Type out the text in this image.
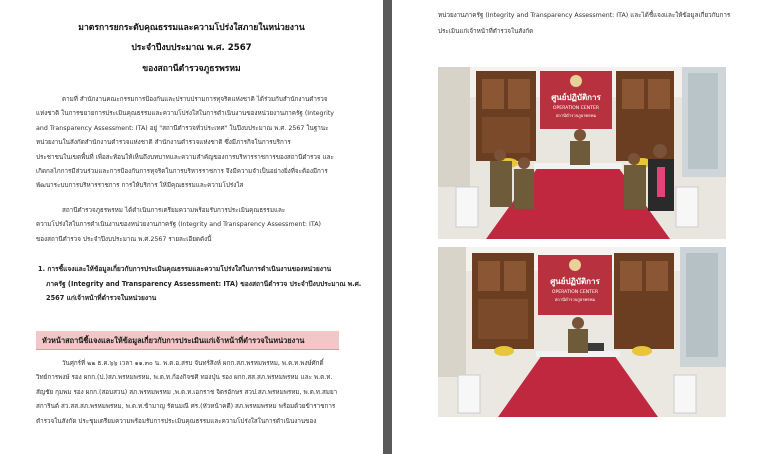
มาตรการยกระดับคุณธรรมและความโปร่งใสภายในหน่วยงาน
ประจำปีงบประมาณ พ.ศ. 2567
ของสถานีตำรวจภูธรพรหม
ตามที่ สำนักงานคณะกรรมการป้องกันและปราบปรามการทุจริตแห่งชาติ ได้ร่วมกับสำนักงานตำรวจ
แห่งชาติ ในการขยายการประเมินคุณธรรมและความโปร่งใสในการดำเนินงานของหน่วยงานภาครัฐ (Integrity
and Transparency Assessment: ITA) อยู่ "สถานีตำรวจทั่วประเทศ" ในปีงบประมาณ พ.ศ. 2567 ในฐานะ
หน่วยงานในสังกัดสำนักงานตำรวจแห่งชาติ สำนักงานตำรวจแห่งชาติ ซึ่งมีภารกิจในการบริการ
ประชาชนในเขตพื้นที่ เพื่อสะท้อนให้เห็นถึงบทบาทและความสำคัญของการบริหารราชการของสถานีตำรวจ และ
เกิดกลไกการมีส่วนร่วมและการป้องกันการทุจริตในการบริหารราชการ จึงมีความจำเป็นอย่างยิ่งที่จะต้องมีการ
พัฒนาระบบการบริหารราชการ การให้บริการ ให้มีคุณธรรมและความโปร่งใส
สถานีตำรวจภูธรพรหม ได้ดำเนินการเตรียมความพร้อมรับการประเมินคุณธรรมและ
ความโปร่งใสในการดำเนินงานของหน่วยงานภาครัฐ (Integrity and Transparency Assessment: ITA)
ของสถานีตำรวจ ประจำปีงบประมาณ พ.ศ.2567 รายละเอียดดังนี้
1. การชี้แจงและให้ข้อมูลเกี่ยวกับการประเมินคุณธรรมและความโปร่งใสในการดำเนินงานของหน่วยงาน
ภาครัฐ (Integrity and Transparency Assessment: ITA) ของสถานีตำรวจ ประจำปีงบประมาณ พ.ศ.
2567 แก่เจ้าหน้าที่ตำรวจในหน่วยงาน
หัวหน้าสถานีชี้แจงและให้ข้อมูลเกี่ยวกับการประเมินแก่เจ้าหน้าที่ตำรวจในหน่วยงาน
วันศุกร์ที่ ๒๒ ธ.ค.๖๖ เวลา ๑๑.๓๐ น. พ.ต.อ.สรบ จันทร์สิงห์ ผกก.สภ.พรหมพรหม, พ.ต.ท.พงษ์ศักดิ์
วิทย์การพงษ์ รอง ผกก.(ป.)สภ.พรหมพรหม, พ.ต.ท.ก้องกิจชศิ ทองปุ่น รอง ผกก.สส.สภ.พรหมพรหม และ พ.ต.ท.
สัญชัย กุมพม รอง ผกก.(สอบสวน) สภ.พรหมพรหม ,พ.ต.ท.เอกราช จิตรอักษร สวป.สภ.พรหมพรหม, พ.ต.ท.สมยา
สการินต์ สว.สส.สภ.พรหมพรหม, พ.ต.ท.ข้ามาญ รัตนมณี ศร.(หัวหน้าคดี) สภ.พรหมพรหม พร้อมด้วยข้าราชการ
ตำรวจในสังกัด ประชุมเตรียมความพร้อมรับการประเมินคุณธรรมและความโปร่งใสในการดำเนินงานของ
หน่วยงานภาครัฐ (Integrity and Transparency Assessment: ITA) และได้ชี้แจงและให้ข้อมูลเกี่ยวกับการ
ประเมินแก่เจ้าหน้าที่ตำรวจในสังกัด
ศูนย์ปฏิบัติการ
OPERATION CENTER
สถานีตำรวจภูธรพรหม
ศูนย์ปฏิบัติการ
OPERATION CENTER
สถานีตำรวจภูธรพรหม
